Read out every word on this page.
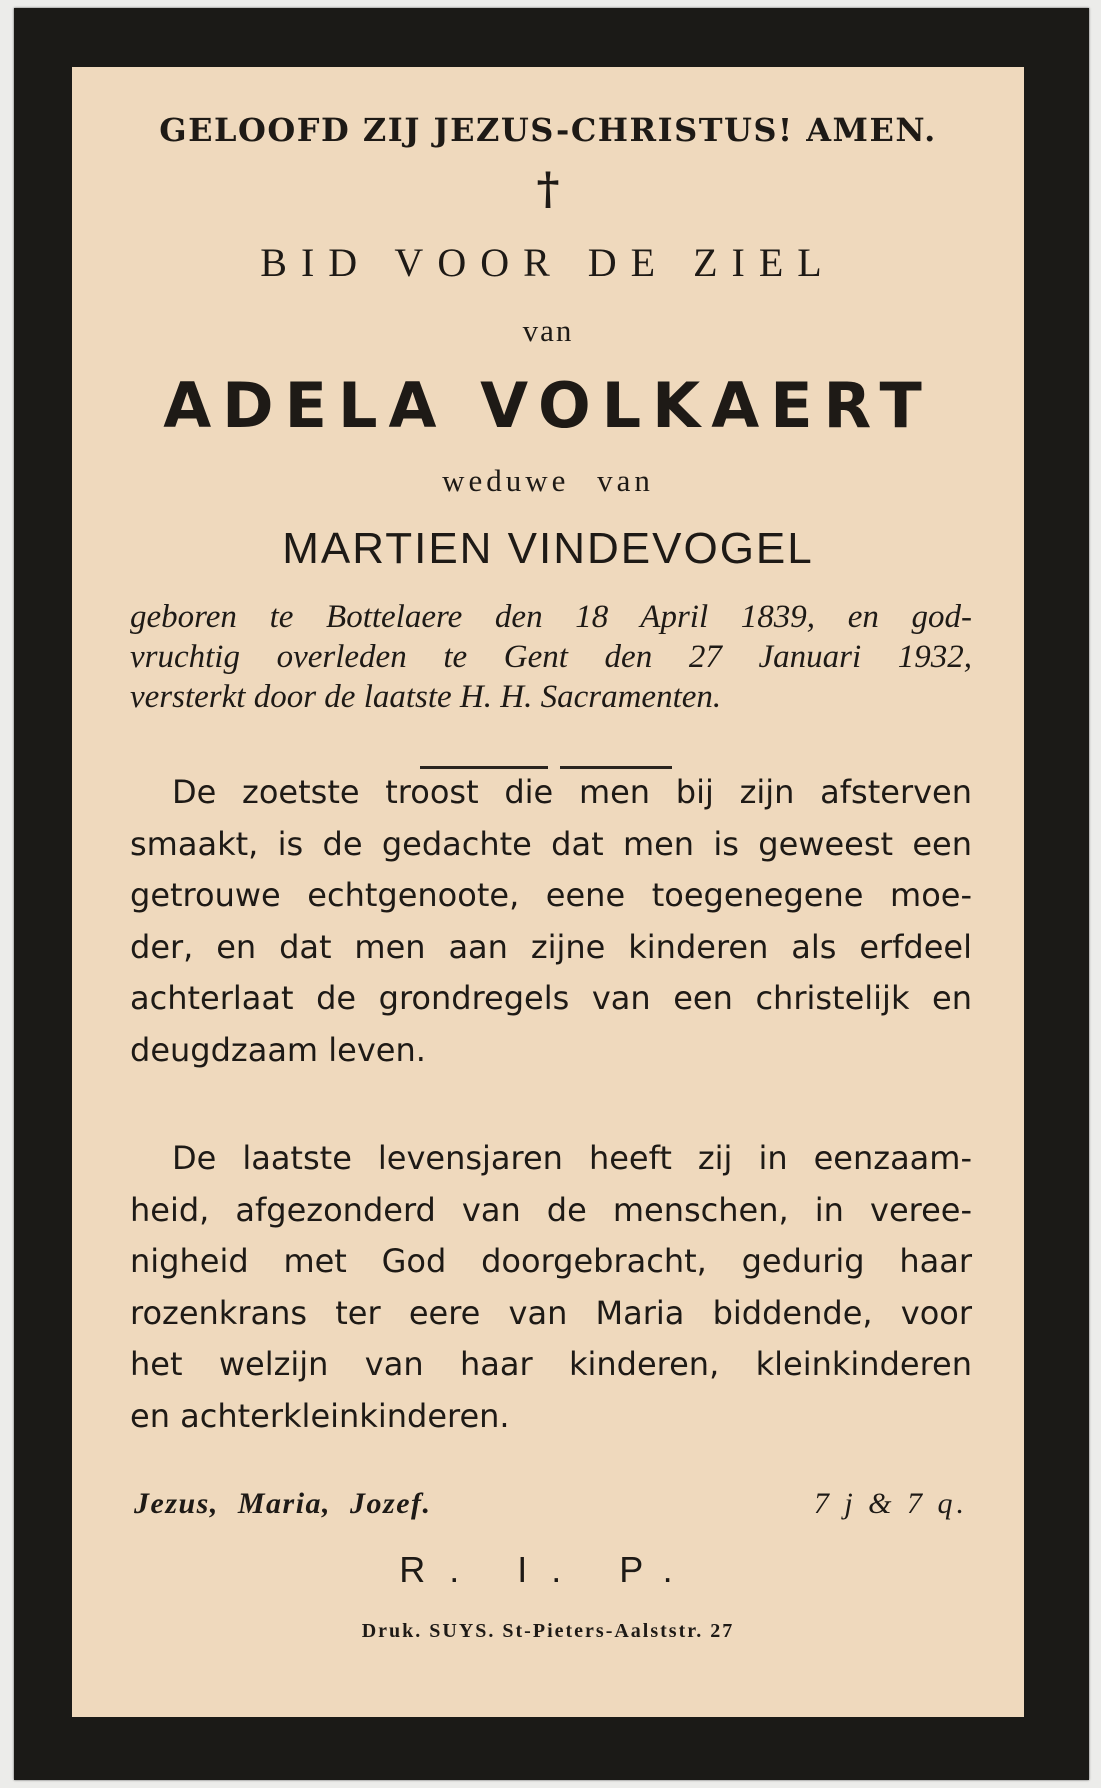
GELOOFD ZIJ JEZUS-CHRISTUS! AMEN.
†
BID VOOR DE ZIEL
van
ADELA VOLKAERT
weduwe van
MARTIEN VINDEVOGEL
geboren te Bottelaere den 18 April 1839, en god-
vruchtig overleden te Gent den 27 Januari 1932,
versterkt door de laatste H. H. Sacramenten.
De zoetste troost die men bij zijn afsterven
smaakt, is de gedachte dat men is geweest een
getrouwe echtgenoote, eene toegenegene moe-
der, en dat men aan zijne kinderen als erfdeel
achterlaat de grondregels van een christelijk en
deugdzaam leven.
De laatste levensjaren heeft zij in eenzaam-
heid, afgezonderd van de menschen, in veree-
nigheid met God doorgebracht, gedurig haar
rozenkrans ter eere van Maria biddende, voor
het welzijn van haar kinderen, kleinkinderen
en achterkleinkinderen.
Jezus, Maria, Jozef.	7 j & 7 q.
R. I. P.
Druk. SUYS. St-Pieters-Aalststr. 27
